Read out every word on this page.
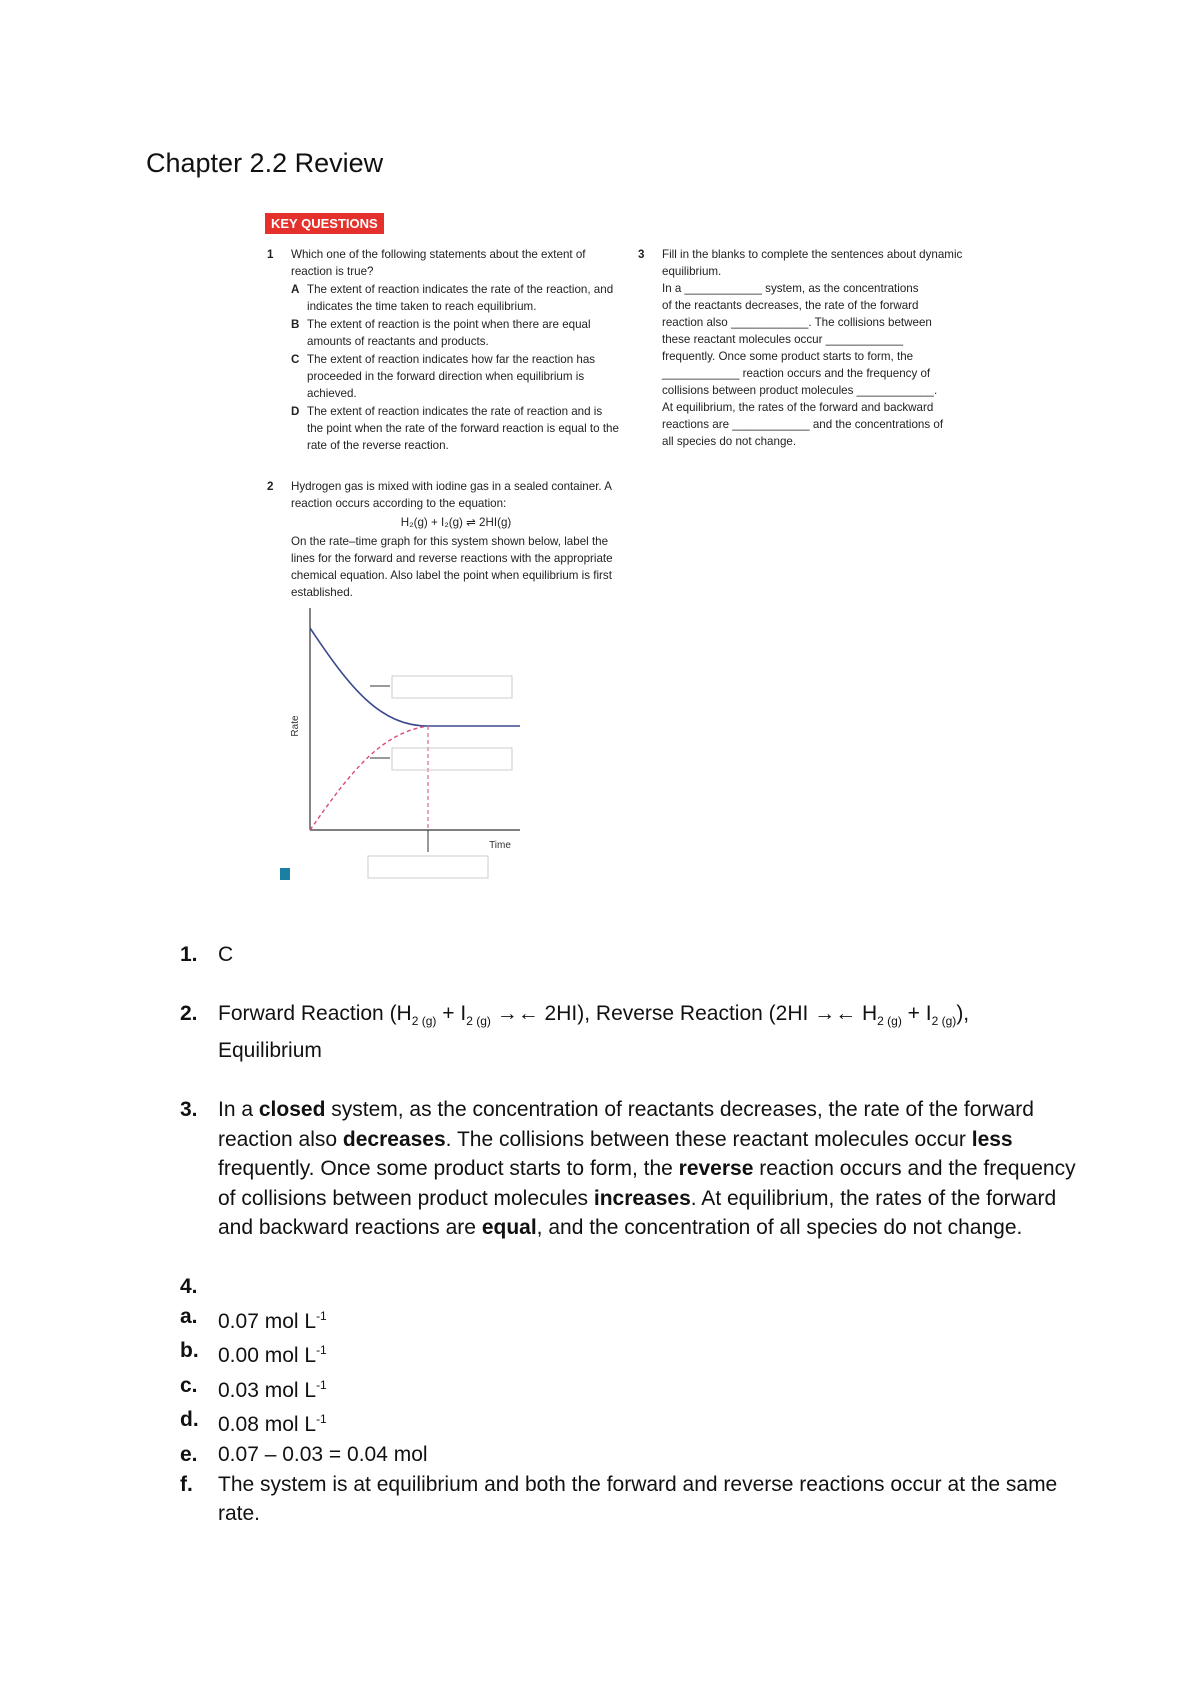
Chapter 2.2 Review
KEY QUESTIONS
1 Which one of the following statements about the extent of reaction is true?
A The extent of reaction indicates the rate of the reaction, and indicates the time taken to reach equilibrium.
B The extent of reaction is the point when there are equal amounts of reactants and products.
C The extent of reaction indicates how far the reaction has proceeded in the forward direction when equilibrium is achieved.
D The extent of reaction indicates the rate of reaction and is the point when the rate of the forward reaction is equal to the rate of the reverse reaction.
2 Hydrogen gas is mixed with iodine gas in a sealed container. A reaction occurs according to the equation:
H₂(g) + I₂(g) ⇌ 2HI(g)
On the rate–time graph for this system shown below, label the lines for the forward and reverse reactions with the appropriate chemical equation. Also label the point when equilibrium is first established.
3 Fill in the blanks to complete the sentences about dynamic equilibrium.
In a ____________ system, as the concentrations
of the reactants decreases, the rate of the forward
reaction also ____________. The collisions between
these reactant molecules occur ____________
frequently. Once some product starts to form, the
____________ reaction occurs and the frequency of
collisions between product molecules ____________.
At equilibrium, the rates of the forward and backward
reactions are ____________ and the concentrations of
all species do not change.
Rate
Time
1. C
2. Forward Reaction ($H_{2 (g)} + I_{2 (g)}$ →← 2HI), Reverse Reaction (2HI →← $H_{2 (g)} + I_{2 (g)}$),
Equilibrium
3. In a closed system, as the concentration of reactants decreases, the rate of the forward reaction also decreases. The collisions between these reactant molecules occur less frequently. Once some product starts to form, the reverse reaction occurs and the frequency of collisions between product molecules increases. At equilibrium, the rates of the forward and backward reactions are equal, and the concentration of all species do not change.
4.

a. 0.07 mol $L^{-1}$
b. 0.00 mol $L^{-1}$
c. 0.03 mol $L^{-1}$
d. 0.08 mol $L^{-1}$
e. 0.07 – 0.03 = 0.04 mol
f. The system is at equilibrium and both the forward and reverse reactions occur at the same rate.
